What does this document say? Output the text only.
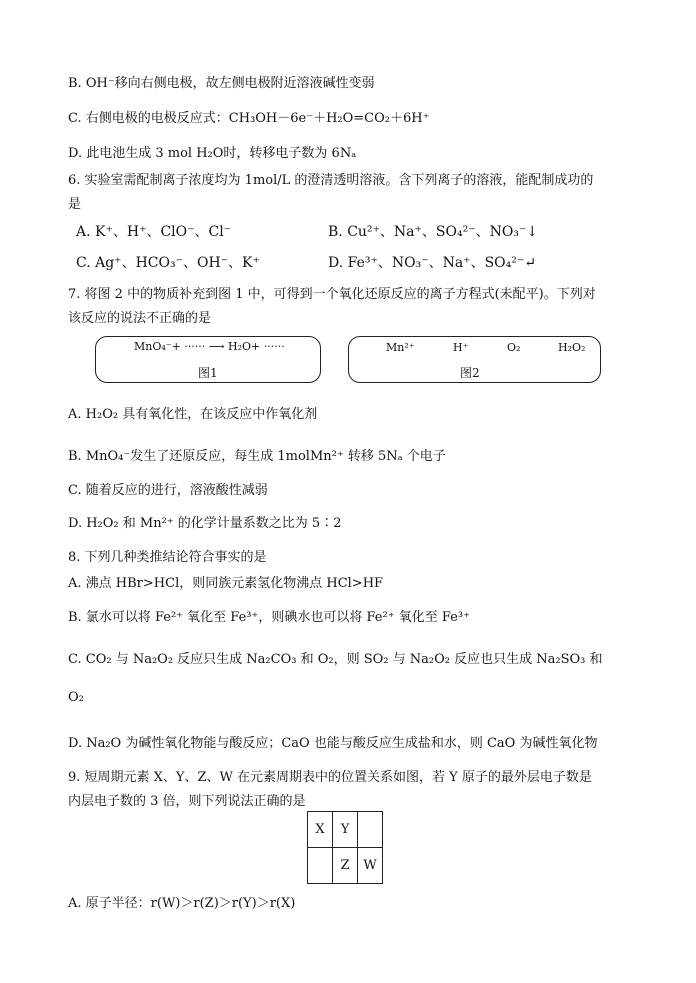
B. OH⁻移向右侧电极，故左侧电极附近溶液碱性变弱
C. 右侧电极的电极反应式：CH₃OH－6e⁻＋H₂O=CO₂＋6H⁺
D. 此电池生成 3 mol H₂O时，转移电子数为 6Nₐ
6. 实验室需配制离子浓度均为 1mol/L 的澄清透明溶液。含下列离子的溶液，能配制成功的
是
A. K⁺、H⁺、ClO⁻、Cl⁻	B. Cu²⁺、Na⁺、SO₄²⁻、NO₃⁻↓
C. Ag⁺、HCO₃⁻、OH⁻、K⁺	D. Fe³⁺、NO₃⁻、Na⁺、SO₄²⁻↵
7. 将图 2 中的物质补充到图 1 中，可得到一个氧化还原反应的离子方程式(未配平)。下列对
该反应的说法不正确的是
MnO₄⁻+ ······ ⟶ H₂O+ ······
图1
Mn²⁺	H⁺	O₂	H₂O₂
图2
A. H₂O₂ 具有氧化性，在该反应中作氧化剂
B. MnO₄⁻发生了还原反应，每生成 1molMn²⁺ 转移 5Nₐ 个电子
C. 随着反应的进行，溶液酸性减弱
D. H₂O₂ 和 Mn²⁺ 的化学计量系数之比为 5∶2
8. 下列几种类推结论符合事实的是
A. 沸点 HBr>HCl，则同族元素氢化物沸点 HCl>HF
B. 氯水可以将 Fe²⁺ 氧化至 Fe³⁺，则碘水也可以将 Fe²⁺ 氧化至 Fe³⁺
C. CO₂ 与 Na₂O₂ 反应只生成 Na₂CO₃ 和 O₂，则 SO₂ 与 Na₂O₂ 反应也只生成 Na₂SO₃ 和
O₂
D. Na₂O 为碱性氧化物能与酸反应；CaO 也能与酸反应生成盐和水，则 CaO 为碱性氧化物
9. 短周期元素 X、Y、Z、W 在元素周期表中的位置关系如图，若 Y 原子的最外层电子数是
内层电子数的 3 倍，则下列说法正确的是
X	Y	
	Z	W
A. 原子半径：r(W)＞r(Z)＞r(Y)＞r(X)
